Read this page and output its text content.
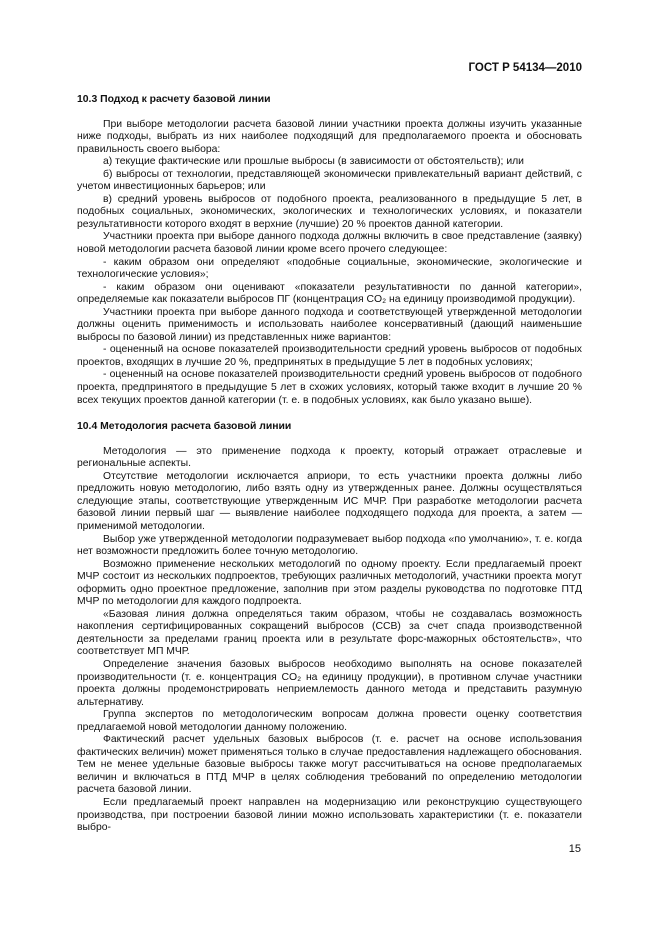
ГОСТ Р 54134—2010
10.3 Подход к расчету базовой линии

При выборе методологии расчета базовой линии участники проекта должны изучить указанные ниже подходы, выбрать из них наиболее подходящий для предполагаемого проекта и обосновать правильность своего выбора:

а) текущие фактические или прошлые выбросы (в зависимости от обстоятельств); или

б) выбросы от технологии, представляющей экономически привлекательный вариант действий, с учетом инвестиционных барьеров; или

в) средний уровень выбросов от подобного проекта, реализованного в предыдущие 5 лет, в подобных социальных, экономических, экологических и технологических условиях, и показатели результативности которого входят в верхние (лучшие) 20 % проектов данной категории.

Участники проекта при выборе данного подхода должны включить в свое представление (заявку) новой методологии расчета базовой линии кроме всего прочего следующее:

- каким образом они определяют «подобные социальные, экономические, экологические и технологические условия»;

- каким образом они оценивают «показатели результативности по данной категории», определяемые как показатели выбросов ПГ (концентрация CO₂ на единицу производимой продукции).

Участники проекта при выборе данного подхода и соответствующей утвержденной методологии должны оценить применимость и использовать наиболее консервативный (дающий наименьшие выбросы по базовой линии) из представленных ниже вариантов:

- оцененный на основе показателей производительности средний уровень выбросов от подобных проектов, входящих в лучшие 20 %, предпринятых в предыдущие 5 лет в подобных условиях;

- оцененный на основе показателей производительности средний уровень выбросов от подобного проекта, предпринятого в предыдущие 5 лет в схожих условиях, который также входит в лучшие 20 % всех текущих проектов данной категории (т. е. в подобных условиях, как было указано выше).

10.4 Методология расчета базовой линии

Методология — это применение подхода к проекту, который отражает отраслевые и региональные аспекты.

Отсутствие методологии исключается априори, то есть участники проекта должны либо предложить новую методологию, либо взять одну из утвержденных ранее. Должны осуществляться следующие этапы, соответствующие утвержденным ИС МЧР. При разработке методологии расчета базовой линии первый шаг — выявление наиболее подходящего подхода для проекта, а затем — применимой методологии.

Выбор уже утвержденной методологии подразумевает выбор подхода «по умолчанию», т. е. когда нет возможности предложить более точную методологию.

Возможно применение нескольких методологий по одному проекту. Если предлагаемый проект МЧР состоит из нескольких подпроектов, требующих различных методологий, участники проекта могут оформить одно проектное предложение, заполнив при этом разделы руководства по подготовке ПТД МЧР по методологии для каждого подпроекта.

«Базовая линия должна определяться таким образом, чтобы не создавалась возможность накопления сертифицированных сокращений выбросов (ССВ) за счет спада производственной деятельности за пределами границ проекта или в результате форс-мажорных обстоятельств», что соответствует МП МЧР.

Определение значения базовых выбросов необходимо выполнять на основе показателей производительности (т. е. концентрация CO₂ на единицу продукции), в противном случае участники проекта должны продемонстрировать неприемлемость данного метода и представить разумную альтернативу.

Группа экспертов по методологическим вопросам должна провести оценку соответствия предлагаемой новой методологии данному положению.

Фактический расчет удельных базовых выбросов (т. е. расчет на основе использования фактических величин) может применяться только в случае предоставления надлежащего обоснования. Тем не менее удельные базовые выбросы также могут рассчитываться на основе предполагаемых величин и включаться в ПТД МЧР в целях соблюдения требований по определению методологии расчета базовой линии.

Если предлагаемый проект направлен на модернизацию или реконструкцию существующего производства, при построении базовой линии можно использовать характеристики (т. е. показатели выбро-

15
